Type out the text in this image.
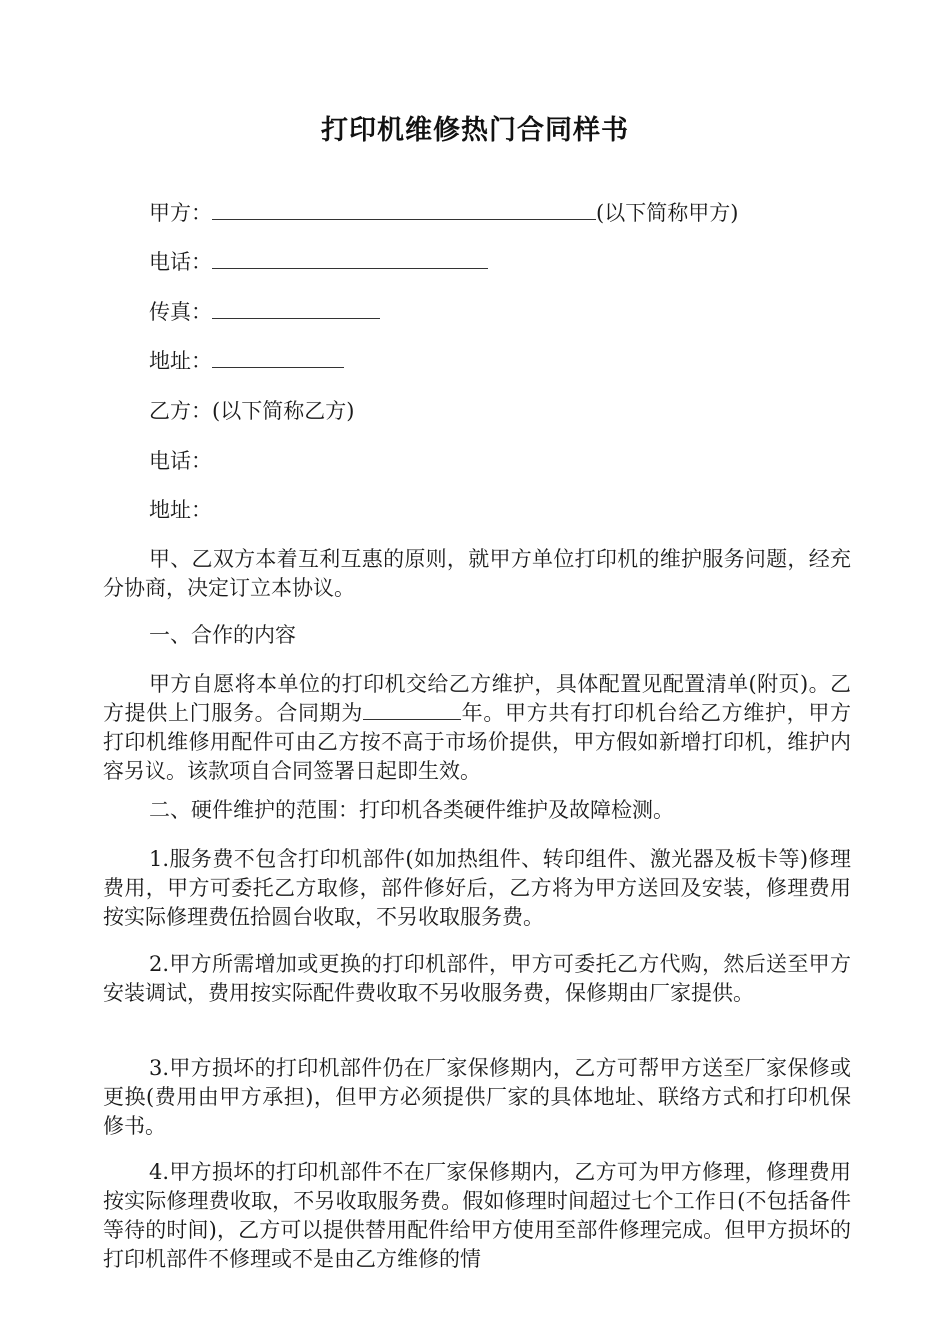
打印机维修热门合同样书
甲方：	(以下简称甲方)
电话：
传真：
地址：
乙方：(以下简称乙方)
电话：
地址：
甲、乙双方本着互利互惠的原则，就甲方单位打印机的维护服务问题，经充分协商，决定订立本协议。
一、合作的内容
甲方自愿将本单位的打印机交给乙方维护，具体配置见配置清单(附页)。乙方提供上门服务。合同期为	年。甲方共有打印机台给乙方维护，甲方打印机维修用配件可由乙方按不高于市场价提供，甲方假如新增打印机，维护内容另议。该款项自合同签署日起即生效。
二、硬件维护的范围：打印机各类硬件维护及故障检测。
1.服务费不包含打印机部件(如加热组件、转印组件、激光器及板卡等)修理费用，甲方可委托乙方取修，部件修好后，乙方将为甲方送回及安装，修理费用按实际修理费伍拾圆台收取，不另收取服务费。
2.甲方所需增加或更换的打印机部件，甲方可委托乙方代购，然后送至甲方安装调试，费用按实际配件费收取不另收服务费，保修期由厂家提供。
3.甲方损坏的打印机部件仍在厂家保修期内，乙方可帮甲方送至厂家保修或更换(费用由甲方承担)，但甲方必须提供厂家的具体地址、联络方式和打印机保修书。
4.甲方损坏的打印机部件不在厂家保修期内，乙方可为甲方修理，修理费用按实际修理费收取，不另收取服务费。假如修理时间超过七个工作日(不包括备件等待的时间)，乙方可以提供替用配件给甲方使用至部件修理完成。但甲方损坏的打印机部件不修理或不是由乙方维修的情
